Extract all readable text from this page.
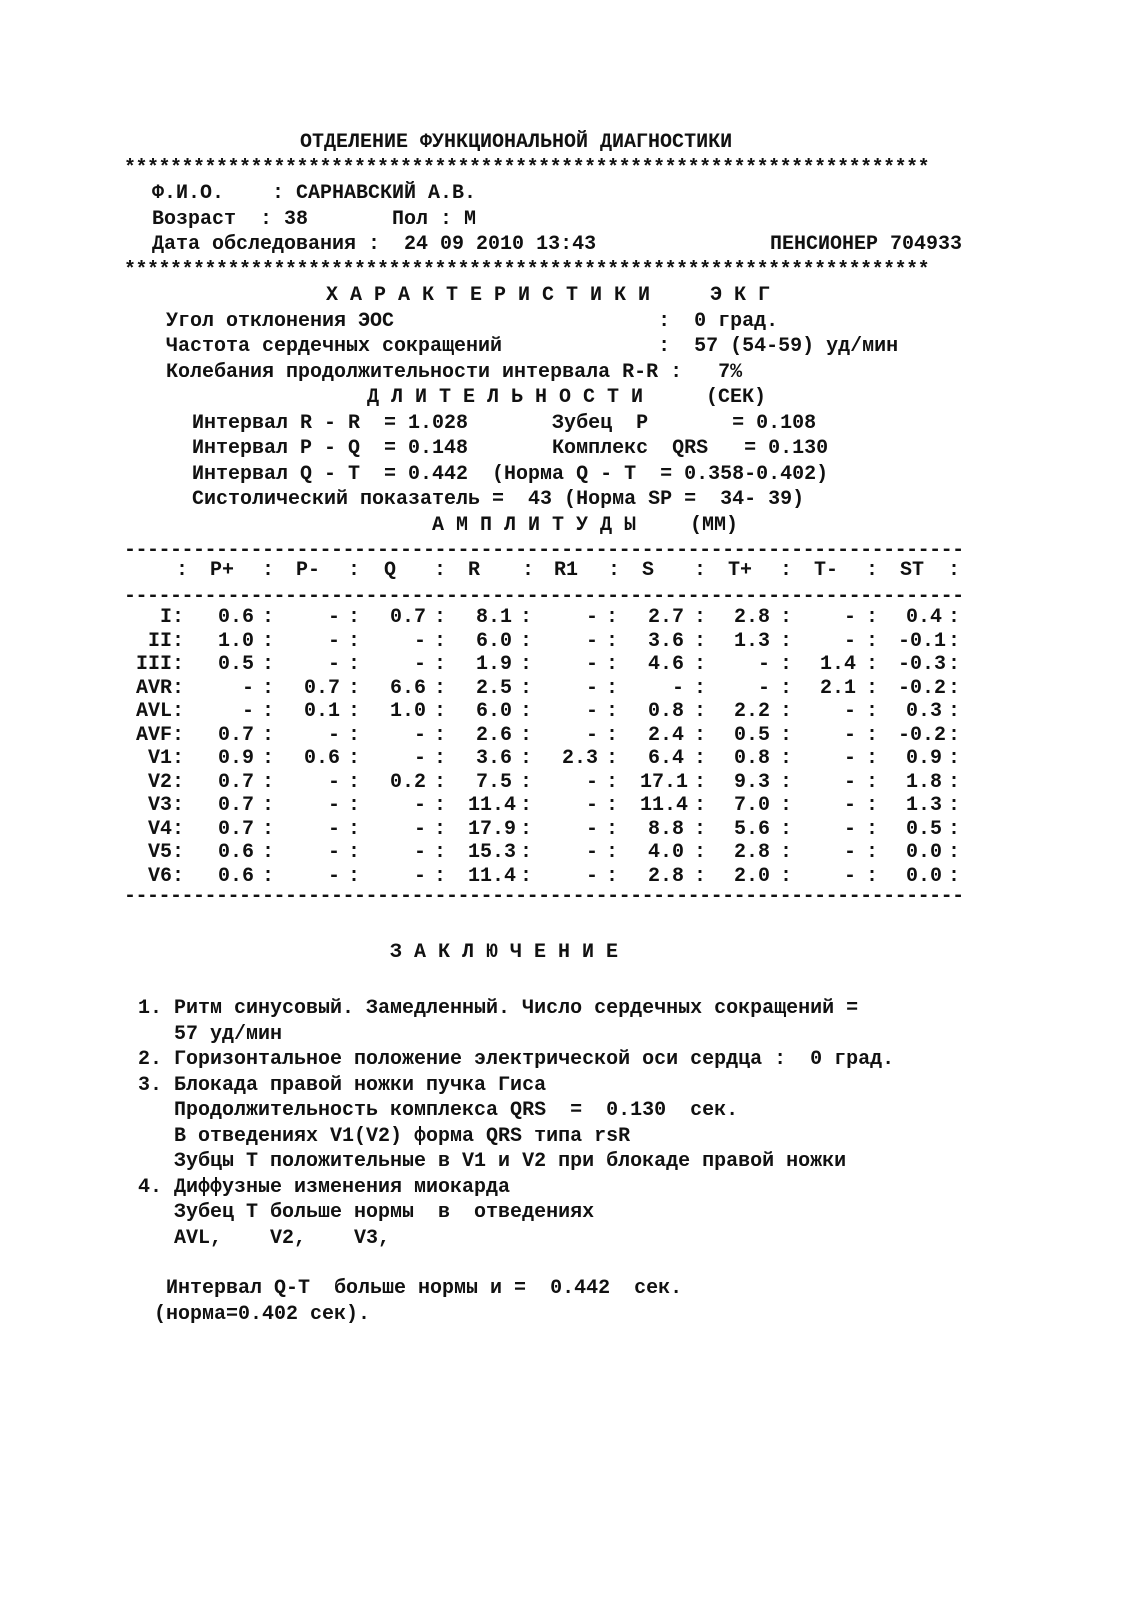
ОТДЕЛЕНИЕ ФУНКЦИОНАЛЬНОЙ ДИАГНОСТИКИ
**********************************************************************
Ф.И.О.    : САРНАВСКИЙ А.В.
Возраст  : 38       Пол : М
Дата обследования :  24 09 2010 13:43	ПЕНСИОНЕР 704933
**********************************************************************
ХАРАКТЕРИСТИКИ  ЭКГ
Угол отклонения ЭОС                      :  0 град.
Частота сердечных сокращений             :  57 (54-59) уд/мин
Колебания продолжительности интервала R-R :   7%
ДЛИТЕЛЬНОСТИ	(СЕК)
Интервал R - R  = 1.028       Зубец  P       = 0.108
Интервал P - Q  = 0.148       Комплекс  QRS   = 0.130
Интервал Q - T  = 0.442  (Норма Q - T  = 0.358-0.402)
Систолический показатель =  43 (Норма SP =  34- 39)
АМПЛИТУДЫ (ММ)
-------------------------------------------------------------------------
: P+ : P- : Q : R : R1 : S : T+ : T- : ST :
-------------------------------------------------------------------------
I:	0.6	-	0.7	8.1	-	2.7	2.8	-	0.4
:	:	:	:	:	:	:	:	:
II:	1.0	-	-	6.0	-	3.6	1.3	- -0.1
:	:	:	:	:	:	:	:	:
III:	0.5	-	-	1.9	-	4.6	-	1.4 -0.3
:	:	:	:	:	:	:	:	:
AVR:	-	0.7	6.6	2.5	-	-	-	2.1 -0.2
:	:	:	:	:	:	:	:	:
AVL:	-	0.1	1.0	6.0	-	0.8	2.2	-	0.3
:	:	:	:	:	:	:	:	:
AVF:	0.7	-	-	2.6	-	2.4	0.5	- -0.2
:	:	:	:	:	:	:	:	:
V1:	0.9	0.6	-	3.6	2.3	6.4	0.8	-	0.9
:	:	:	:	:	:	:	:	:
V2:	0.7	-	0.2	7.5	- 17.1	9.3	-	1.8
:	:	:	:	:	:	:	:	:
V3:	0.7	-	- 11.4	- 11.4	7.0	-	1.3
:	:	:	:	:	:	:	:	:
V4:	0.7	-	- 17.9	-	8.8	5.6	-	0.5
:	:	:	:	:	:	:	:	:
V5:	0.6	-	- 15.3	-	4.0	2.8	-	0.0
:	:	:	:	:	:	:	:	:
V6:	0.6	-	- 11.4	-	2.8	2.0	-	0.0
:	:	:	:	:	:	:	:	:
-------------------------------------------------------------------------
ЗАКЛЮЧЕНИЕ
1. Ритм синусовый. Замедленный. Число сердечных сокращений =
57 уд/мин
2. Горизонтальное положение электрической оси сердца :  0 град.
3. Блокада правой ножки пучка Гиса
Продолжительность комплекса QRS  =  0.130  сек.
В отведениях V1(V2) форма QRS типа rsR
Зубцы Т положительные в V1 и V2 при блокаде правой ножки
4. Диффузные изменения миокарда
Зубец Т больше нормы  в  отведениях
AVL,    V2,    V3,
Интервал Q-T  больше нормы и =  0.442  сек.
(норма=0.402 сек).
